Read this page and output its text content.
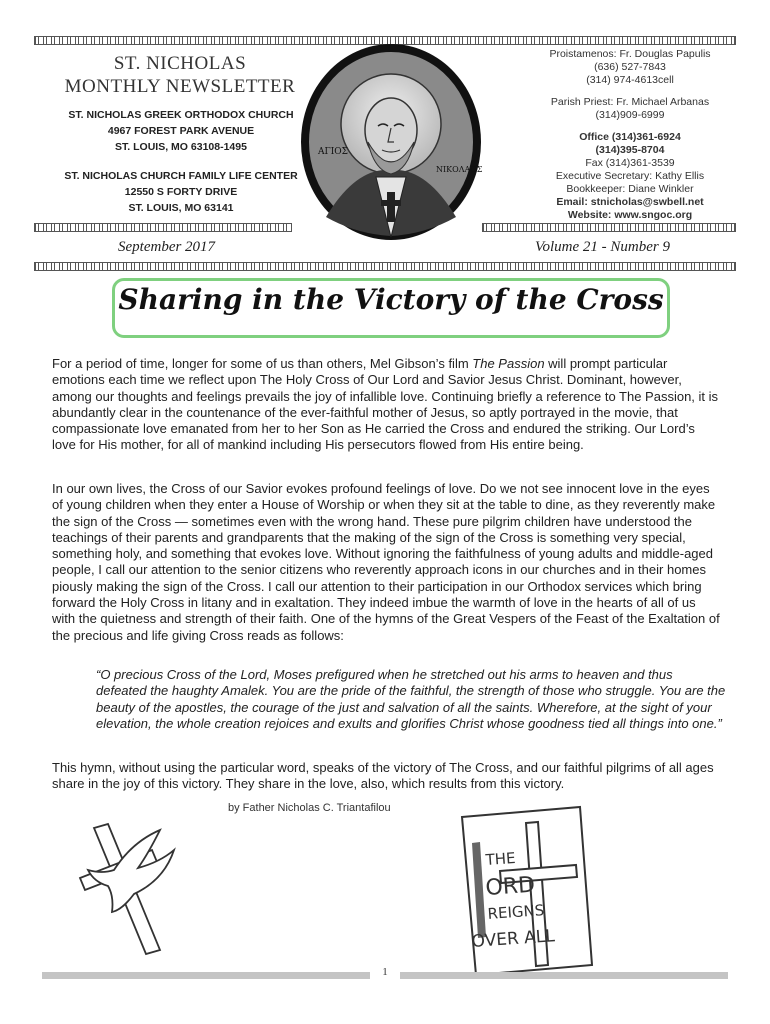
ST. NICHOLAS
MONTHLY NEWSLETTER
ST. NICHOLAS GREEK ORTHODOX CHURCH
4967 FOREST PARK AVENUE
ST. LOUIS, MO 63108-1495
ST. NICHOLAS CHURCH FAMILY LIFE CENTER
12550 S FORTY DRIVE
ST. LOUIS, MO 63141
ΑΓΙΟΣ
ΝΙΚΟΛΑΟΣ
Proistamenos: Fr. Douglas Papulis
(636) 527-7843
(314) 974-4613cell
Parish Priest: Fr. Michael Arbanas
(314)909-6999
Office (314)361-6924
(314)395-8704
Fax (314)361-3539
Executive Secretary: Kathy Ellis
Bookkeeper: Diane Winkler
Email: stnicholas@swbell.net
Website: www.sngoc.org
September 2017	Volume 21 - Number 9
Sharing in the Victory of the Cross
For a period of time, longer for some of us than others, Mel Gibson’s film The Passion will prompt particular emotions each time we reflect upon The Holy Cross of Our Lord and Savior Jesus Christ. Dominant, however, among our thoughts and feelings prevails the joy of infallible love. Continuing briefly a reference to The Passion, it is abundantly clear in the countenance of the ever-faithful mother of Jesus, so aptly portrayed in the movie, that compassionate love emanated from her to her Son as He carried the Cross and endured the striking. Our Lord’s love for His mother, for all of mankind including His persecutors flowed from His entire being.
In our own lives, the Cross of our Savior evokes profound feelings of love. Do we not see innocent love in the eyes of young children when they enter a House of Worship or when they sit at the table to dine, as they reverently make the sign of the Cross — sometimes even with the wrong hand. These pure pilgrim children have understood the teachings of their parents and grandparents that the making of the sign of the Cross is something very special, something holy, and something that evokes love. Without ignoring the faithfulness of young adults and middle-aged people, I call our attention to the senior citizens who reverently approach icons in our churches and in their homes piously making the sign of the Cross. I call our attention to their participation in our Orthodox services which bring forward the Holy Cross in litany and in exaltation. They indeed imbue the warmth of love in the hearts of all of us with the quietness and strength of their faith. One of the hymns of the Great Vespers of the Feast of the Exaltation of the precious and life giving Cross reads as follows:
“O precious Cross of the Lord, Moses prefigured when he stretched out his arms to heaven and thus defeated the haughty Amalek. You are the pride of the faithful, the strength of those who struggle. You are the beauty of the apostles, the courage of the just and salvation of all the saints. Wherefore, at the sight of your elevation, the whole creation rejoices and exults and glorifies Christ whose goodness tied all things into one.”
This hymn, without using the particular word, speaks of the victory of The Cross, and our faithful pilgrims of all ages share in the joy of this victory. They share in the love, also, which results from this victory.
by Father Nicholas C. Triantafilou
THE
ORD
REIGNS
OVER ALL
1
